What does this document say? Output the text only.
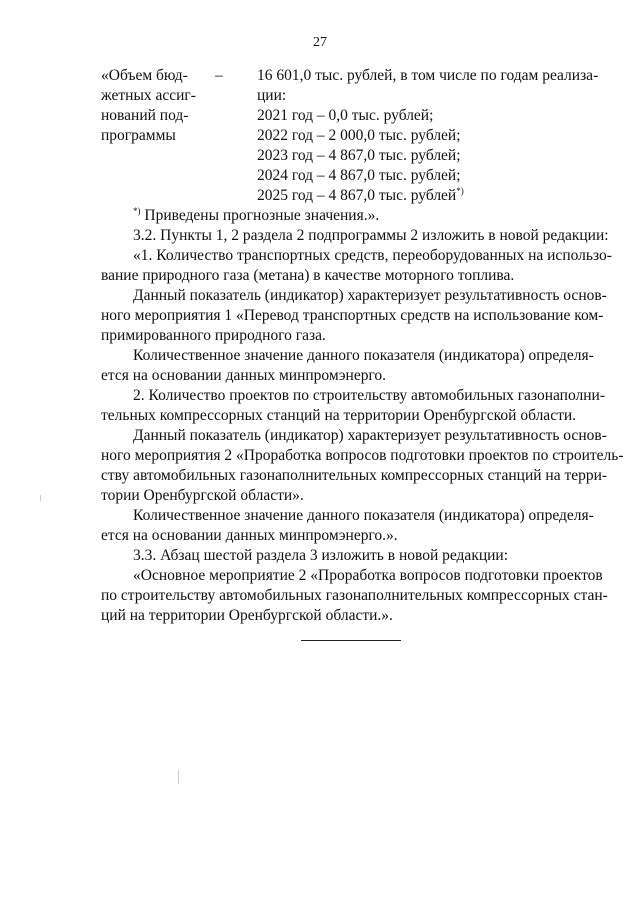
27
«Объем бюд-
жетных ассиг-
нований под-
программы
– 16 601,0 тыс. рублей, в том числе по годам реализа-
ции:
2021 год – 0,0 тыс. рублей;
2022 год – 2 000,0 тыс. рублей;
2023 год – 4 867,0 тыс. рублей;
2024 год – 4 867,0 тыс. рублей;
2025 год – 4 867,0 тыс. рублей*)
*) Приведены прогнозные значения.».
3.2. Пункты 1, 2 раздела 2 подпрограммы 2 изложить в новой редакции:
«1. Количество транспортных средств, переоборудованных на использо-
вание природного газа (метана) в качестве моторного топлива.
Данный показатель (индикатор) характеризует результативность основ-
ного мероприятия 1 «Перевод транспортных средств на использование ком-
примированного природного газа.
Количественное значение данного показателя (индикатора) определя-
ется на основании данных минпромэнерго.
2. Количество проектов по строительству автомобильных газонаполни-
тельных компрессорных станций на территории Оренбургской области.
Данный показатель (индикатор) характеризует результативность основ-
ного мероприятия 2 «Проработка вопросов подготовки проектов по строитель-
ству автомобильных газонаполнительных компрессорных станций на терри-
тории Оренбургской области».
Количественное значение данного показателя (индикатора) определя-
ется на основании данных минпромэнерго.».
3.3. Абзац шестой раздела 3 изложить в новой редакции:
«Основное мероприятие 2 «Проработка вопросов подготовки проектов
по строительству автомобильных газонаполнительных компрессорных стан-
ций на территории Оренбургской области.».
